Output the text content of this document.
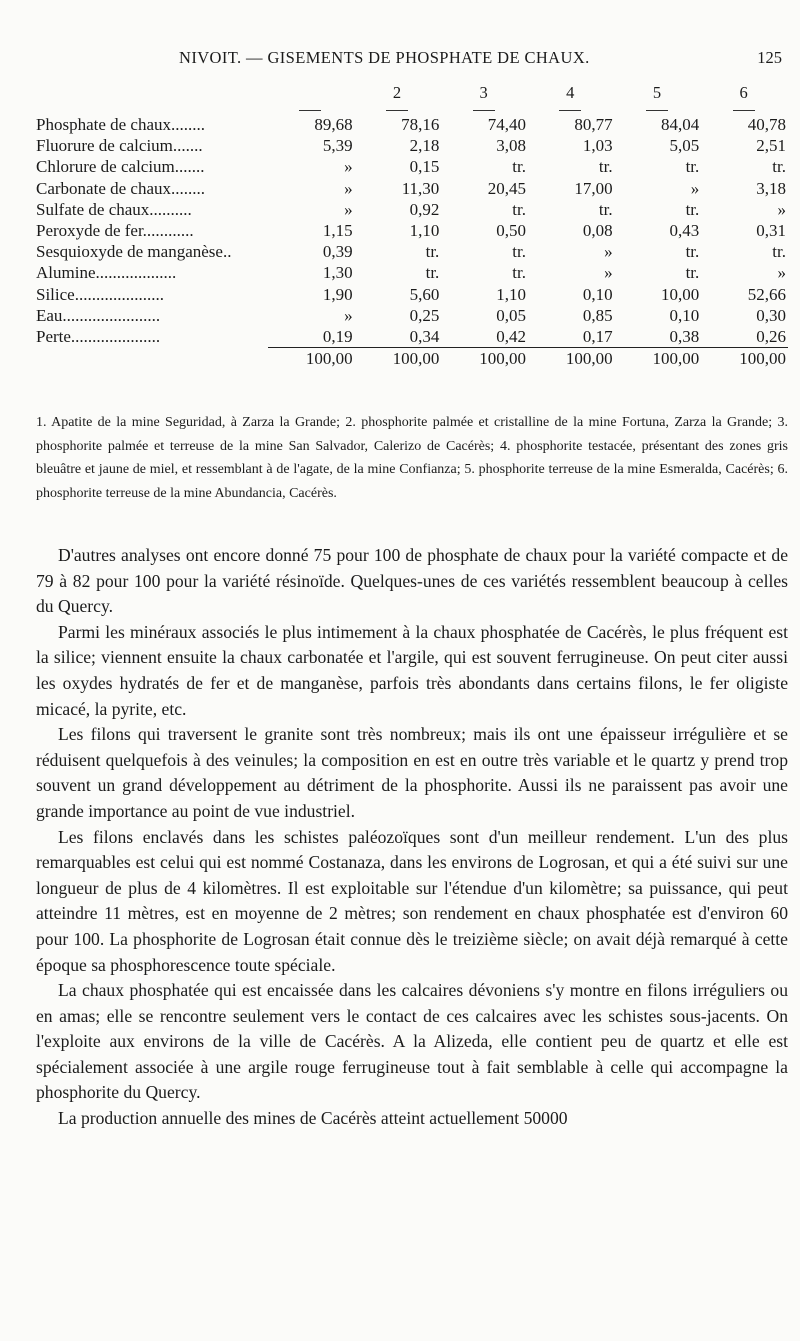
NIVOIT. — GISEMENTS DE PHOSPHATE DE CHAUX.	125
		2	3	4	5	6

Phosphate de chaux........	89,68	78,16	74,40	80,77	84,04	40,78
Fluorure de calcium.......	5,39	2,18	3,08	1,03	5,05	2,51
Chlorure de calcium.......	»	0,15	tr.	tr.	tr.	tr.
Carbonate de chaux........	»	11,30	20,45	17,00	»	3,18
Sulfate de chaux..........	»	0,92	tr.	tr.	tr.	»
Peroxyde de fer............	1,15	1,10	0,50	0,08	0,43	0,31
Sesquioxyde de manganèse..	0,39	tr.	tr.	»	tr.	tr.
Alumine...................	1,30	tr.	tr.	»	tr.	»
Silice.....................	1,90	5,60	1,10	0,10	10,00	52,66
Eau.......................	»	0,25	0,05	0,85	0,10	0,30
Perte.....................	0,19	0,34	0,42	0,17	0,38	0,26
	100,00	100,00	100,00	100,00	100,00	100,00
1. Apatite de la mine Seguridad, à Zarza la Grande; 2. phosphorite palmée et cristalline de la mine Fortuna, Zarza la Grande; 3. phosphorite palmée et terreuse de la mine San Salvador, Calerizo de Cacérès; 4. phosphorite testacée, présentant des zones gris bleuâtre et jaune de miel, et ressemblant à de l'agate, de la mine Confianza; 5. phosphorite terreuse de la mine Esmeralda, Cacérès; 6. phosphorite terreuse de la mine Abundancia, Cacérès.

D'autres analyses ont encore donné 75 pour 100 de phosphate de chaux pour la variété compacte et de 79 à 82 pour 100 pour la variété résinoïde. Quelques-unes de ces variétés ressemblent beaucoup à celles du Quercy.

Parmi les minéraux associés le plus intimement à la chaux phosphatée de Cacérès, le plus fréquent est la silice; viennent ensuite la chaux carbonatée et l'argile, qui est souvent ferrugineuse. On peut citer aussi les oxydes hydratés de fer et de manganèse, parfois très abondants dans certains filons, le fer oligiste micacé, la pyrite, etc.

Les filons qui traversent le granite sont très nombreux; mais ils ont une épaisseur irrégulière et se réduisent quelquefois à des veinules; la composition en est en outre très variable et le quartz y prend trop souvent un grand développement au détriment de la phosphorite. Aussi ils ne paraissent pas avoir une grande importance au point de vue industriel.

Les filons enclavés dans les schistes paléozoïques sont d'un meilleur rendement. L'un des plus remarquables est celui qui est nommé Costanaza, dans les environs de Logrosan, et qui a été suivi sur une longueur de plus de 4 kilomètres. Il est exploitable sur l'étendue d'un kilomètre; sa puissance, qui peut atteindre 11 mètres, est en moyenne de 2 mètres; son rendement en chaux phosphatée est d'environ 60 pour 100. La phosphorite de Logrosan était connue dès le treizième siècle; on avait déjà remarqué à cette époque sa phosphorescence toute spéciale.

La chaux phosphatée qui est encaissée dans les calcaires dévoniens s'y montre en filons irréguliers ou en amas; elle se rencontre seulement vers le contact de ces calcaires avec les schistes sous-jacents. On l'exploite aux environs de la ville de Cacérès. A la Alizeda, elle contient peu de quartz et elle est spécialement associée à une argile rouge ferrugineuse tout à fait semblable à celle qui accompagne la phosphorite du Quercy.

La production annuelle des mines de Cacérès atteint actuellement 50000
